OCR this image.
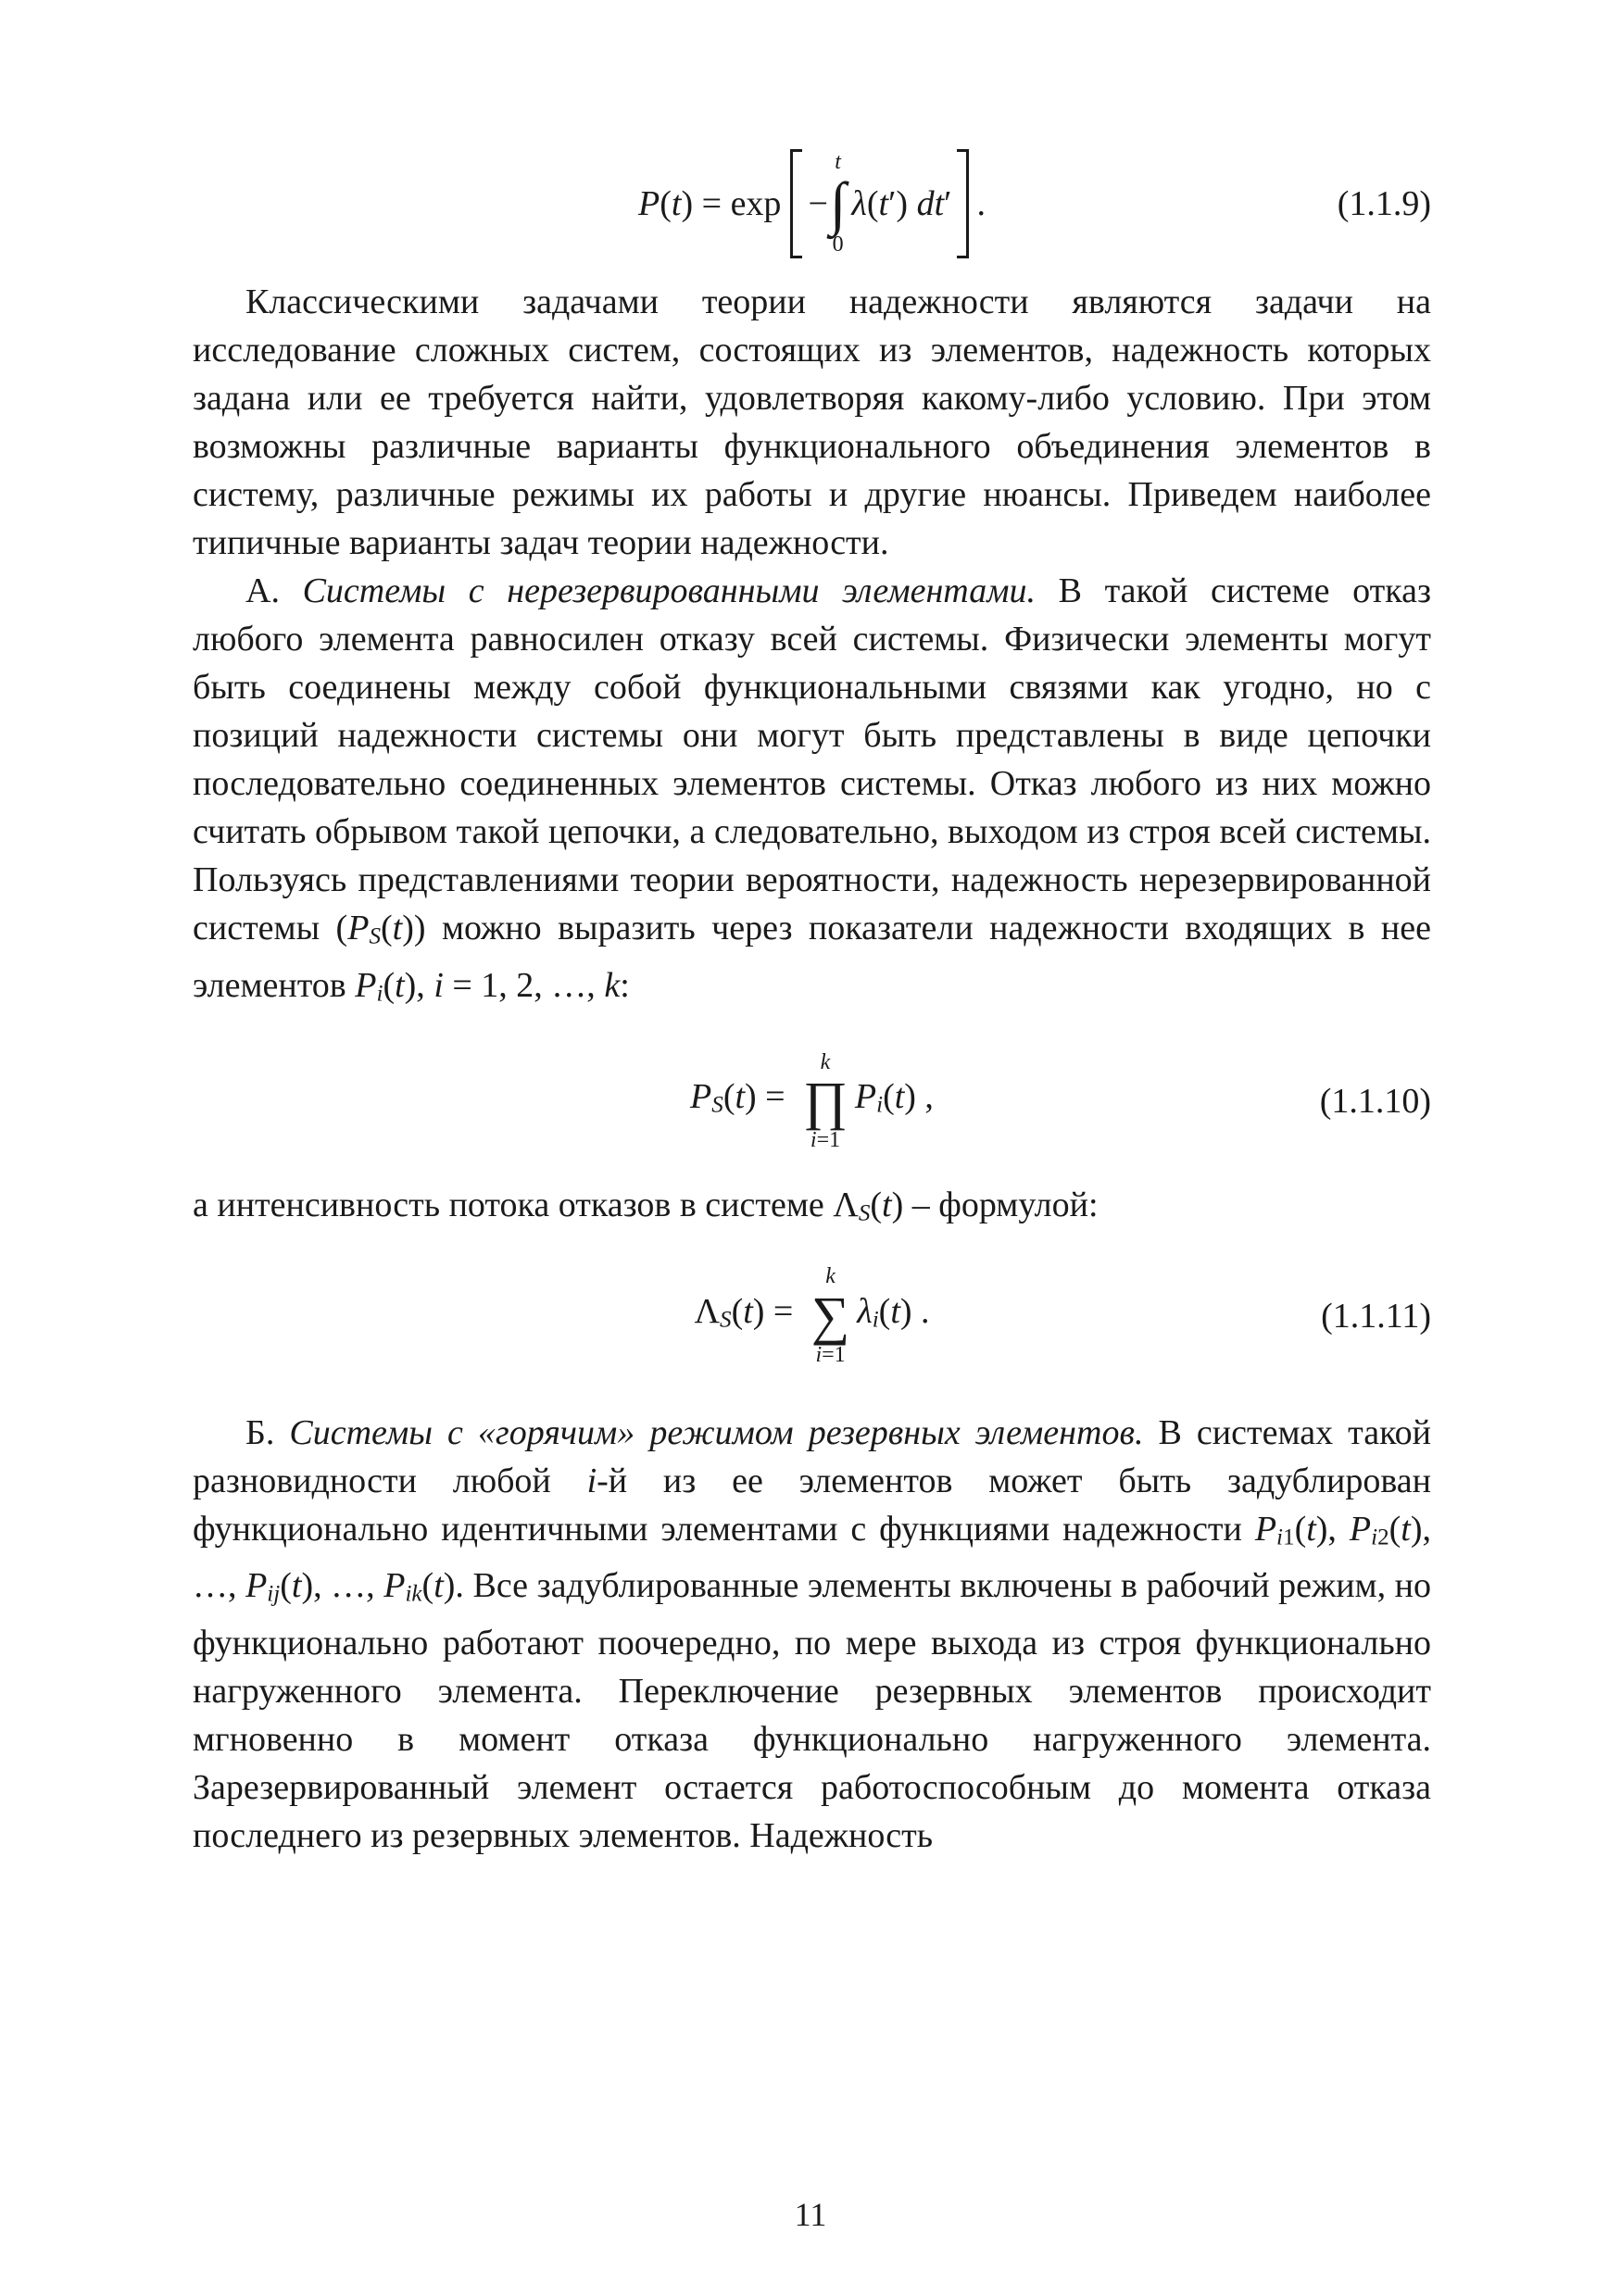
P(t) = exp −
t
∫
0
λ(t′) dt′ .	(1.1.9)

Классическими задачами теории надежности являются задачи на исследование сложных систем, состоящих из элементов, надежность которых задана или ее требуется найти, удовлетворяя какому-либо условию. При этом возможны различные варианты функционального объединения элементов в систему, различные режимы их работы и другие нюансы. Приведем наиболее типичные варианты задач теории надежности.

А. Системы с нерезервированными элементами. В такой системе отказ любого элемента равносилен отказу всей системы. Физически элементы могут быть соединены между собой функциональными связями как угодно, но с позиций надежности системы они могут быть представлены в виде цепочки последовательно соединенных элементов системы. Отказ любого из них можно считать обрывом такой цепочки, а следовательно, выходом из строя всей системы. Пользуясь представлениями теории вероятности, надежность нерезервированной системы (PS(t)) можно выразить через показатели надежности входящих в нее элементов Pi(t), i = 1, 2, …, k:

PS(t) =
k
∏
i=1
Pi(t) ,	(1.1.10)

а интенсивность потока отказов в системе ΛS(t) – формулой:

ΛS(t) =
k
∑
i=1
λi(t) .	(1.1.11)

Б. Системы с «горячим» режимом резервных элементов. В системах такой разновидности любой i-й из ее элементов может быть задублирован функционально идентичными элементами с функциями надежности Pi1(t), Pi2(t), …, Pij(t), …, Pik(t). Все задублированные элементы включены в рабочий режим, но функционально работают поочередно, по мере выхода из строя функционально нагруженного элемента. Переключение резервных элементов происходит мгновенно в момент отказа функционально нагруженного элемента. Зарезервированный элемент остается работоспособным до момента отказа последнего из резервных элементов. Надежность

11
